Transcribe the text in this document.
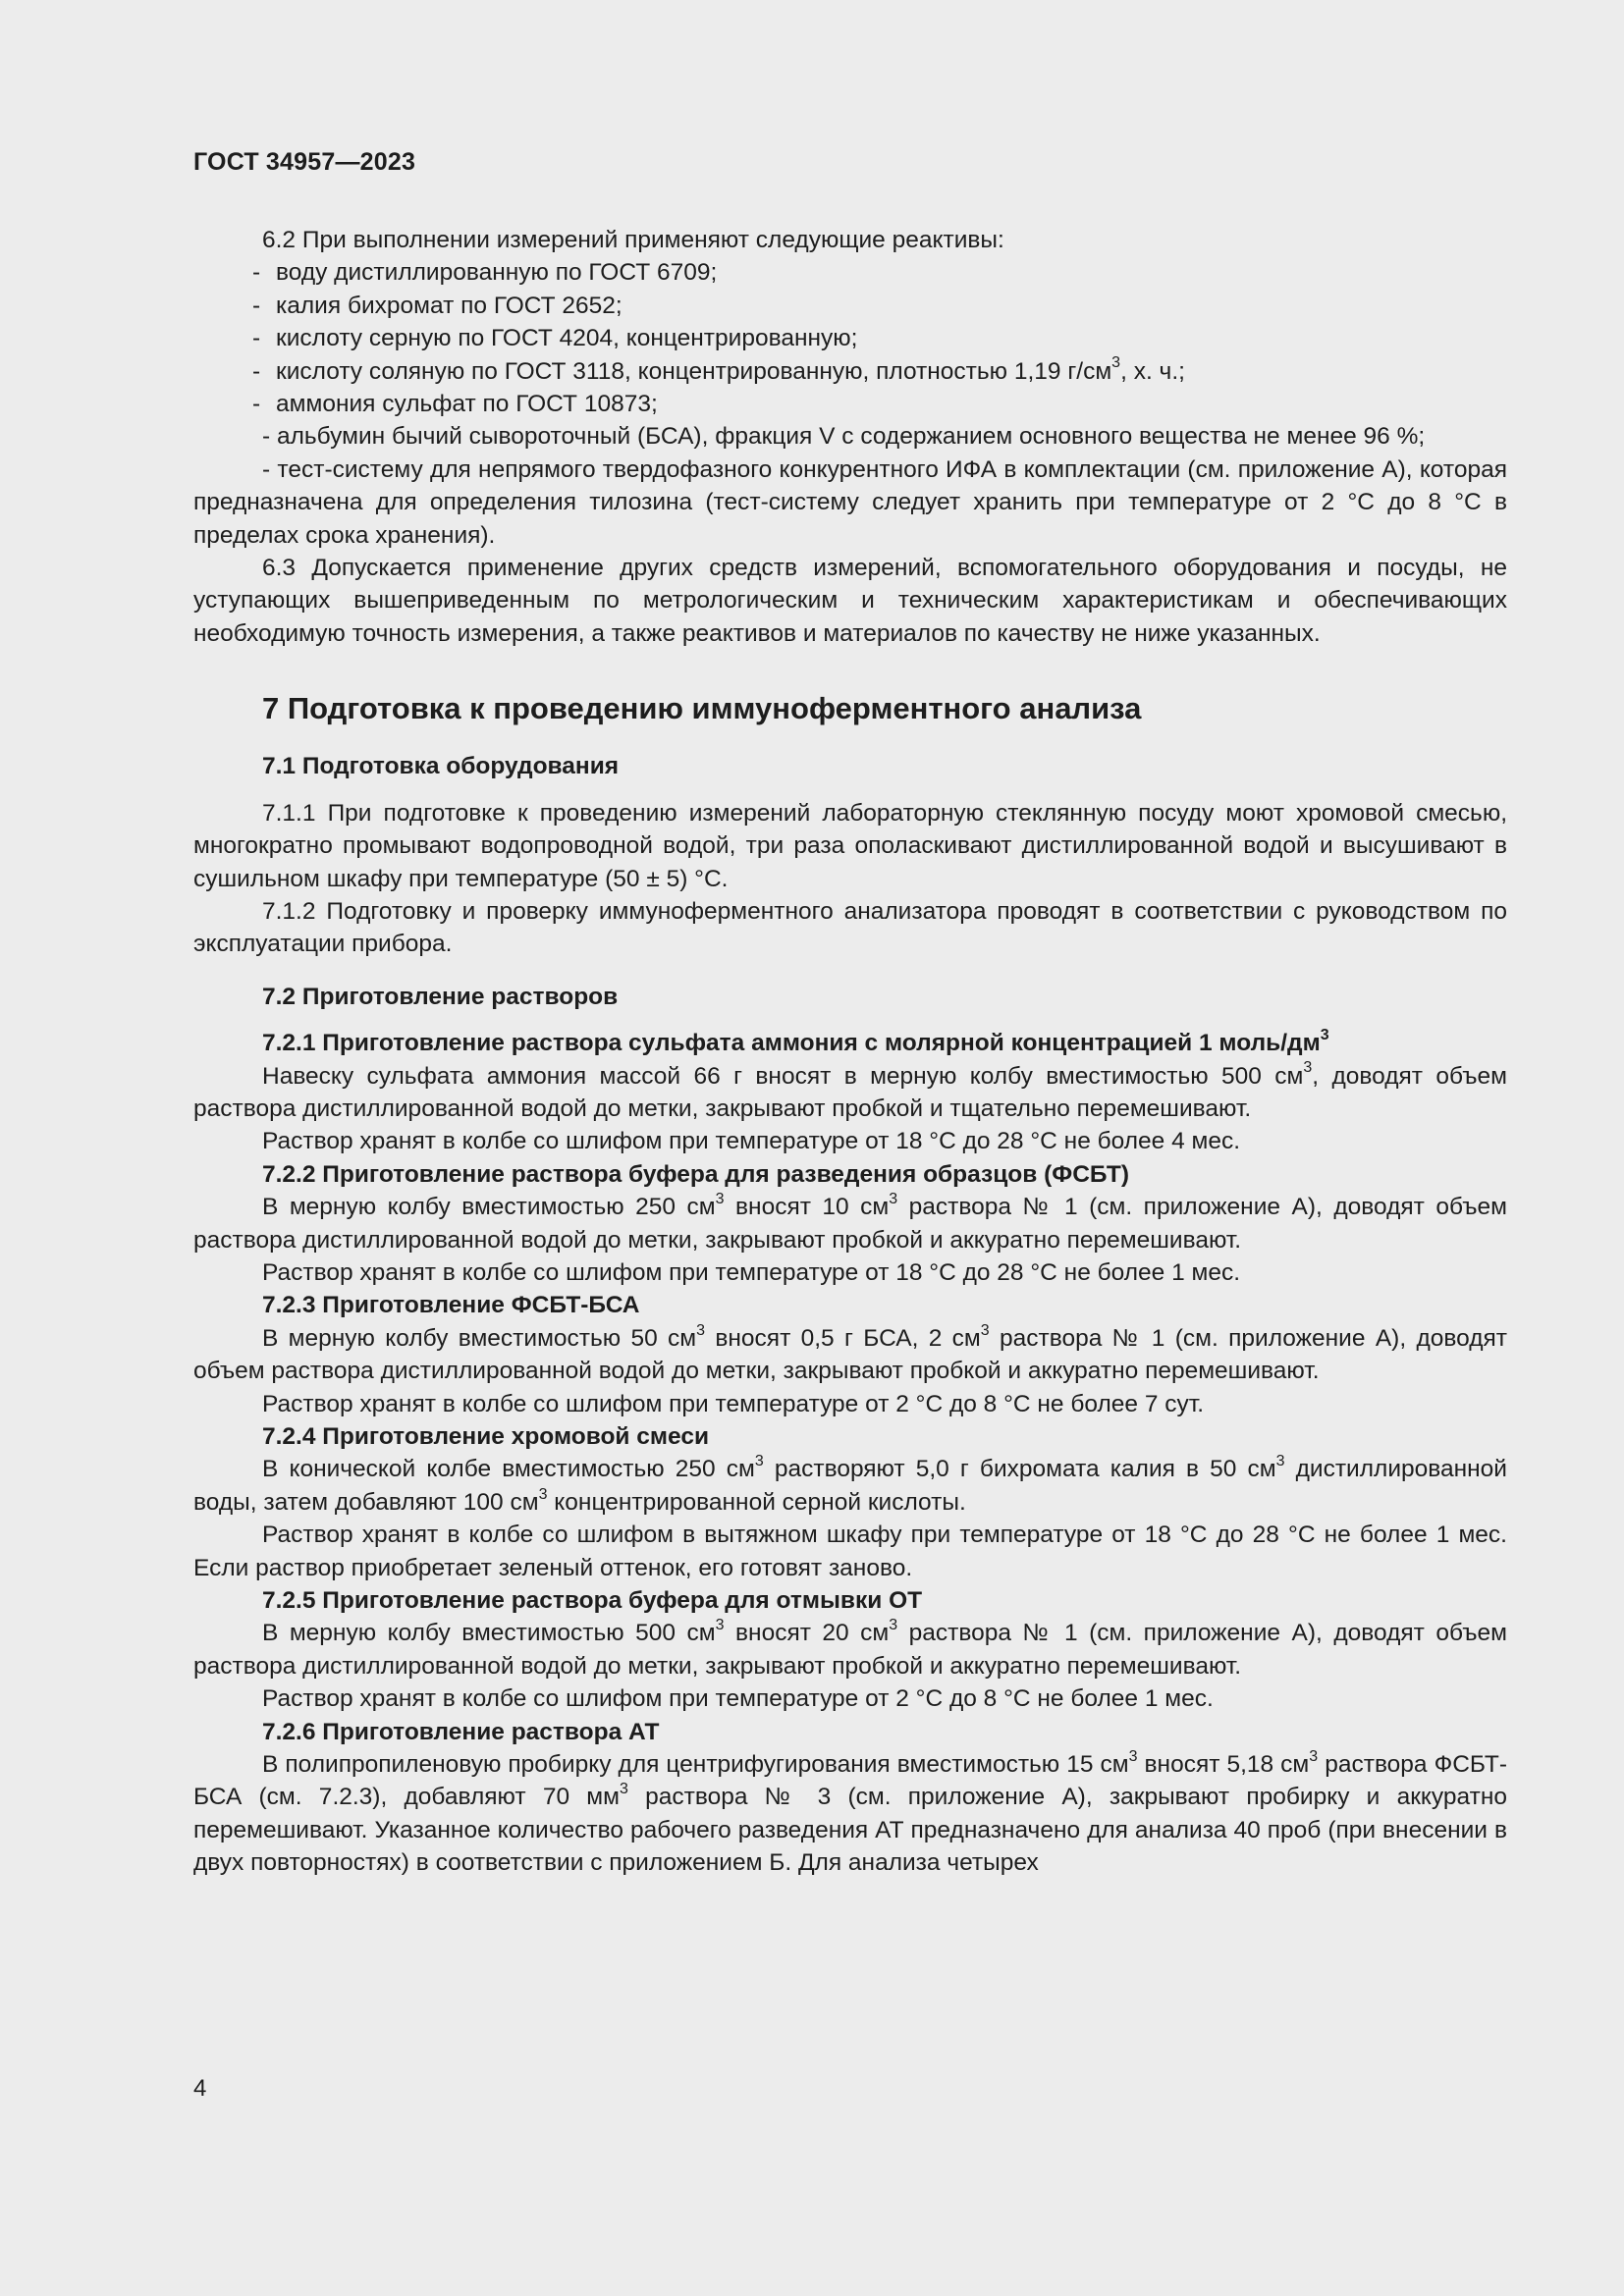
ГОСТ 34957—2023

6.2 При выполнении измерений применяют следующие реактивы:

- воду дистиллированную по ГОСТ 6709;

- калия бихромат по ГОСТ 2652;

- кислоту серную по ГОСТ 4204, концентрированную;

- кислоту соляную по ГОСТ 3118, концентрированную, плотностью 1,19 $г/см^3$, х. ч.;

- аммония сульфат по ГОСТ 10873;

- альбумин бычий сывороточный (БСА), фракция V с содержанием основного вещества не менее 96 %;

- тест-систему для непрямого твердофазного конкурентного ИФА в комплектации (см. приложение А), которая предназначена для определения тилозина (тест-систему следует хранить при температуре от 2 °С до 8 °С в пределах срока хранения).

6.3 Допускается применение других средств измерений, вспомогательного оборудования и посуды, не уступающих вышеприведенным по метрологическим и техническим характеристикам и обеспечивающих необходимую точность измерения, а также реактивов и материалов по качеству не ниже указанных.

7 Подготовка к проведению иммуноферментного анализа
7.1 Подготовка оборудования

7.1.1 При подготовке к проведению измерений лабораторную стеклянную посуду моют хромовой смесью, многократно промывают водопроводной водой, три раза ополаскивают дистиллированной водой и высушивают в сушильном шкафу при температуре (50 ± 5) °С.

7.1.2 Подготовку и проверку иммуноферментного анализатора проводят в соответствии с руководством по эксплуатации прибора.

7.2 Приготовление растворов
7.2.1 Приготовление раствора сульфата аммония с молярной концентрацией 1 моль/$дм^3$

Навеску сульфата аммония массой 66 г вносят в мерную колбу вместимостью 500 $см^3$, доводят объем раствора дистиллированной водой до метки, закрывают пробкой и тщательно перемешивают.

Раствор хранят в колбе со шлифом при температуре от 18 °С до 28 °С не более 4 мес.

7.2.2 Приготовление раствора буфера для разведения образцов (ФСБТ)

В мерную колбу вместимостью 250 $см^3$ вносят 10 $см^3$ раствора № 1 (см. приложение А), доводят объем раствора дистиллированной водой до метки, закрывают пробкой и аккуратно перемешивают.

Раствор хранят в колбе со шлифом при температуре от 18 °С до 28 °С не более 1 мес.

7.2.3 Приготовление ФСБТ-БСА

В мерную колбу вместимостью 50 $см^3$ вносят 0,5 г БСА, 2 $см^3$ раствора № 1 (см. приложение А), доводят объем раствора дистиллированной водой до метки, закрывают пробкой и аккуратно перемешивают.

Раствор хранят в колбе со шлифом при температуре от 2 °С до 8 °С не более 7 сут.

7.2.4 Приготовление хромовой смеси

В конической колбе вместимостью 250 $см^3$ растворяют 5,0 г бихромата калия в 50 $см^3$ дистиллированной воды, затем добавляют 100 $см^3$ концентрированной серной кислоты.

Раствор хранят в колбе со шлифом в вытяжном шкафу при температуре от 18 °С до 28 °С не более 1 мес. Если раствор приобретает зеленый оттенок, его готовят заново.

7.2.5 Приготовление раствора буфера для отмывки ОТ

В мерную колбу вместимостью 500 $см^3$ вносят 20 $см^3$ раствора № 1 (см. приложение А), доводят объем раствора дистиллированной водой до метки, закрывают пробкой и аккуратно перемешивают.

Раствор хранят в колбе со шлифом при температуре от 2 °С до 8 °С не более 1 мес.

7.2.6 Приготовление раствора АТ

В полипропиленовую пробирку для центрифугирования вместимостью 15 $см^3$ вносят 5,18 $см^3$ раствора ФСБТ-БСА (см. 7.2.3), добавляют 70 $мм^3$ раствора № 3 (см. приложение А), закрывают пробирку и аккуратно перемешивают. Указанное количество рабочего разведения АТ предназначено для анализа 40 проб (при внесении в двух повторностях) в соответствии с приложением Б. Для анализа четырех

4
